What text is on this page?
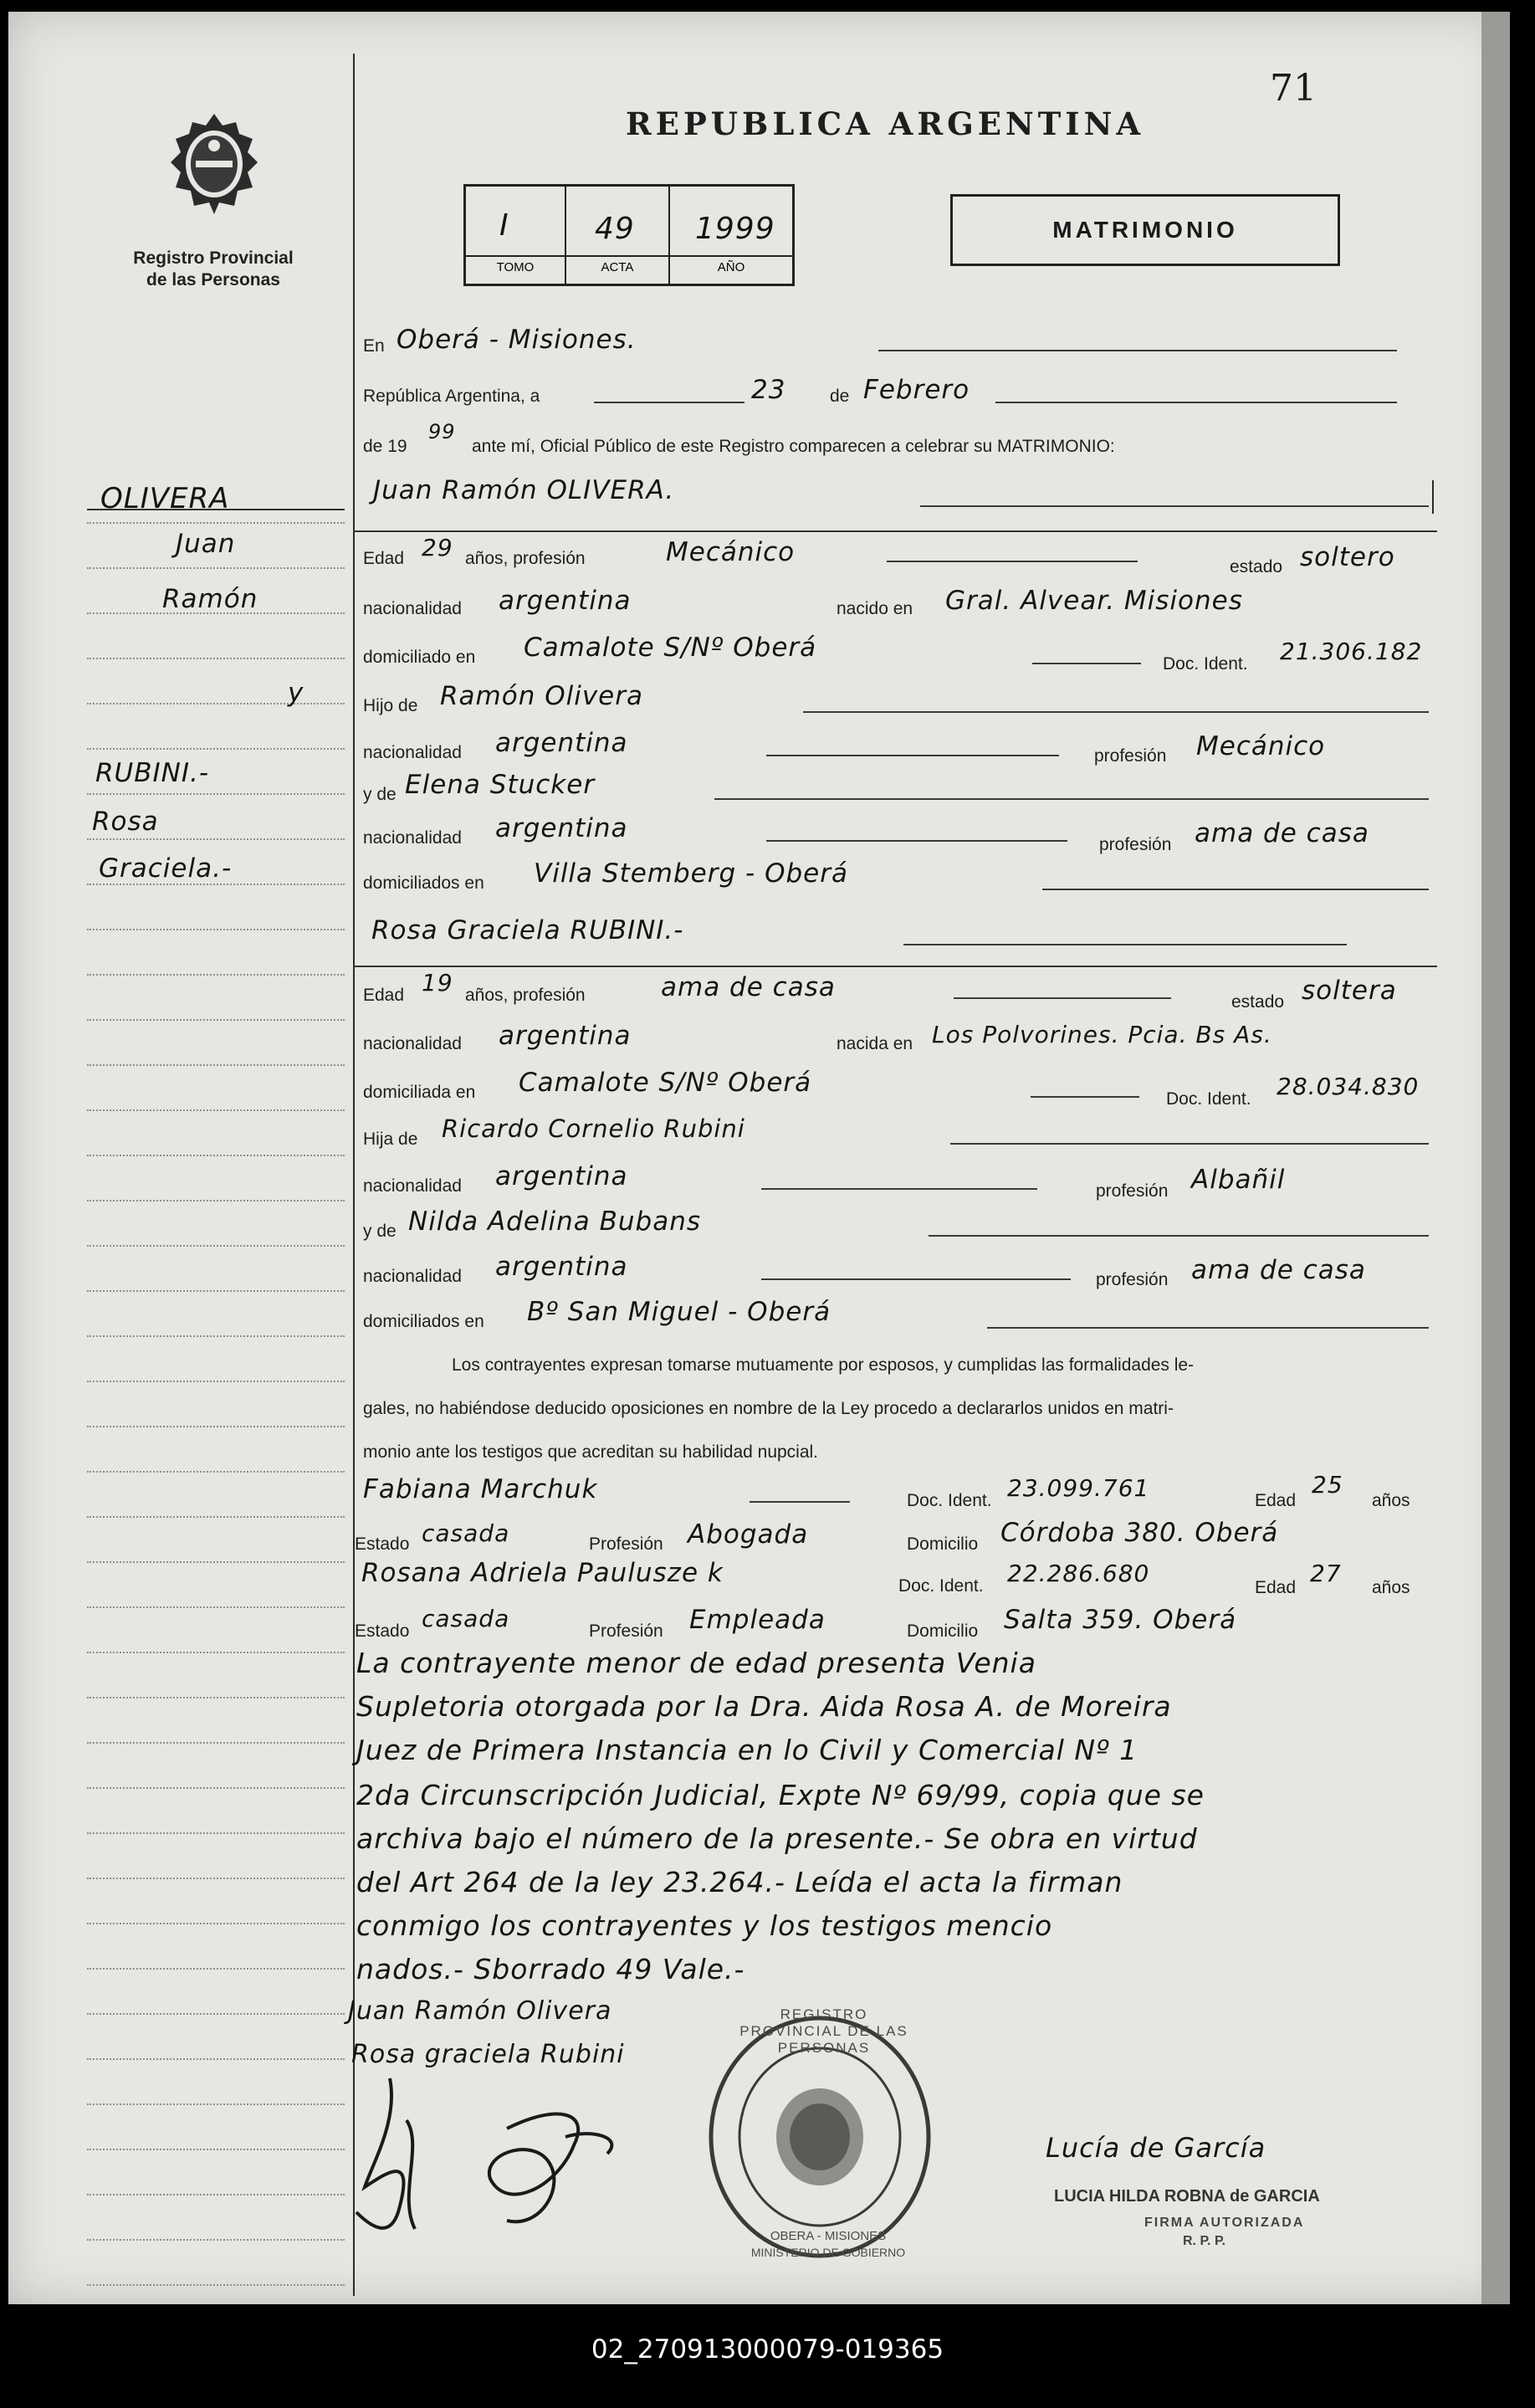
71
Registro Provincial
de las Personas
REPUBLICA ARGENTINA
I	49 1999
TOMO	ACTA	AÑO
MATRIMONIO
OLIVERA
Juan
Ramón
y
RUBINI.-
Rosa
Graciela.-
En Oberá - Misiones.
República Argentina, a	23	de Febrero
de 19
99
ante mí, Oficial Público de este Registro comparecen a celebrar su MATRIMONIO:
Juan Ramón OLIVERA.
Edad 29 años, profesión	Mecánico	estado soltero
nacionalidad argentina	nacido en Gral. Alvear. Misiones
domiciliado en Camalote S/Nº Oberá
Doc. Ident. 21.306.182
Hijo de Ramón Olivera
nacionalidad argentina	profesión Mecánico
y de Elena Stucker
nacionalidad argentina
profesión ama de casa
domiciliados en Villa Stemberg - Oberá
Rosa Graciela RUBINI.-
Edad 19 años, profesión	ama de casa	estado soltera
nacionalidad argentina	nacida en Los Polvorines. Pcia. Bs As.
domiciliada en Camalote S/Nº Oberá
Doc. Ident. 28.034.830
Hija de Ricardo Cornelio Rubini
nacionalidad argentina	profesión Albañil
y de Nilda Adelina Bubans
nacionalidad argentina	profesión ama de casa
domiciliados en Bº San Miguel - Oberá
Los contrayentes expresan tomarse mutuamente por esposos, y cumplidas las formalidades le-
gales, no habiéndose deducido oposiciones en nombre de la Ley procedo a declararlos unidos en matri-
monio ante los testigos que acreditan su habilidad nupcial.
Fabiana Marchuk	Doc. Ident. 23.099.761	Edad
25
años
Estado casada	Profesión Abogada	Domicilio Córdoba 380. Oberá
Rosana Adriela Paulusze k	Doc. Ident. 22.286.680
Edad
27
años
Estado casada	Profesión Empleada	Domicilio Salta 359. Oberá
La contrayente menor de edad presenta Venia
Supletoria otorgada por la Dra. Aida Rosa A. de Moreira
Juez de Primera Instancia en lo Civil y Comercial Nº 1
2da Circunscripción Judicial, Expte Nº 69/99, copia que se
archiva bajo el número de la presente.- Se obra en virtud
del Art 264 de la ley 23.264.- Leída el acta la firman
conmigo los contrayentes y los testigos mencio
nados.- Sborrado 49 Vale.-
Juan Ramón Olivera
Rosa graciela Rubini
REGISTRO PROVINCIAL DE LAS PERSONAS
OBERA - MISIONES
MINISTERIO DE GOBIERNO
Lucía de García
LUCIA HILDA ROBNA de GARCIA
FIRMA AUTORIZADA
R. P. P.
02_270913000079-019365
